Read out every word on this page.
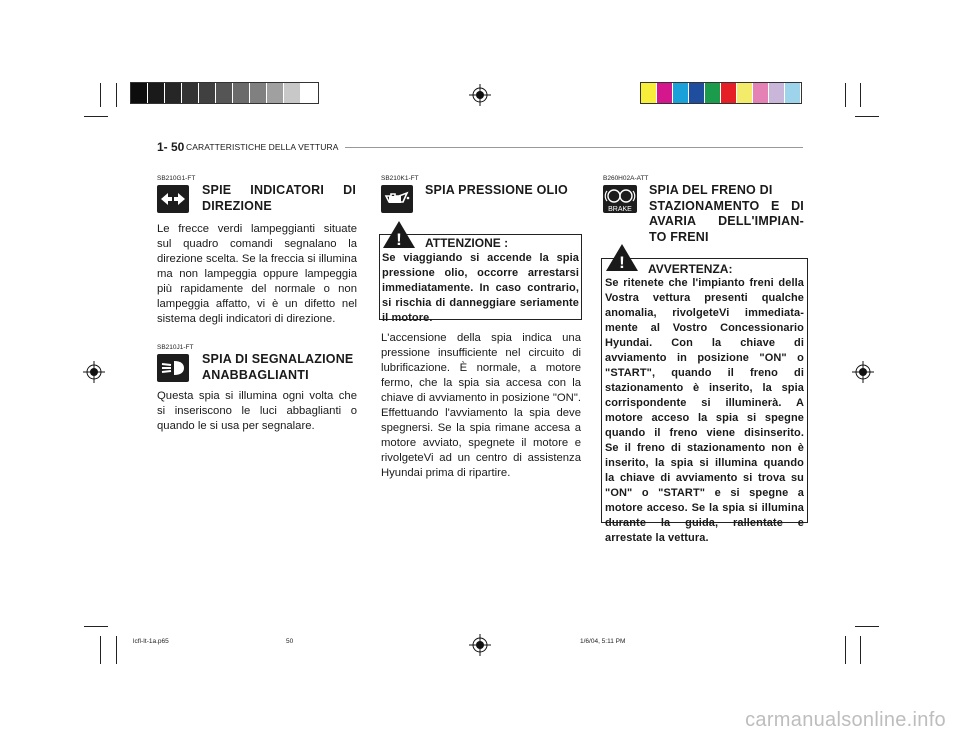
1- 50 CARATTERISTICHE DELLA VETTURA
SB210G1-FT
SPIE INDICATORI DI
DIREZIONE
Le frecce verdi lampeggianti situate
sul quadro comandi segnalano la
direzione scelta. Se la freccia si illumina
ma non lampeggia oppure lampeggia
più rapidamente del normale o non
lampeggia affatto, vi è un difetto nel
sistema degli indicatori di direzione.
SB210J1-FT
SPIA DI SEGNALAZIONE
ANABBAGLIANTI
Questa spia si illumina ogni volta che
si inseriscono le luci abbaglianti o
quando le si usa per segnalare.
SB210K1-FT
SPIA PRESSIONE OLIO
! ATTENZIONE :
Se viaggiando si accende la spia
pressione olio, occorre arrestarsi
immediatamente. In caso contrario,
si rischia di danneggiare seriamente
il motore.
L'accensione della spia indica una
pressione insufficiente nel circuito di
lubrificazione. È normale, a motore
fermo, che la spia sia accesa con la
chiave di avviamento in posizione "ON".
Effettuando l'avviamento la spia deve
spegnersi. Se la spia rimane accesa a
motore avviato, spegnete il motore e
rivolgeteVi ad un centro di assistenza
Hyundai prima di ripartire.
B260H02A-ATT
BRAKE
SPIA DEL FRENO DI
STAZIONAMENTO E DI
AVARIA DELL'IMPIAN-
TO FRENI
! AVVERTENZA:
Se ritenete che l'impianto freni della
Vostra vettura presenti qualche
anomalia, rivolgeteVi immediata-
mente al Vostro Concessionario
Hyundai. Con la chiave di
avviamento in posizione "ON" o
"START", quando il freno di
stazionamento è inserito, la spia
corrispondente si illuminerà. A
motore acceso la spia si spegne
quando il freno viene disinserito.
Se il freno di stazionamento non è
inserito, la spia si illumina quando
la chiave di avviamento si trova su
"ON" o "START" e si spegne a
motore acceso. Se la spia si illumina
durante la guida, rallentate e
arrestate la vettura.
lcfl-It-1a.p65	50	1/6/04, 5:11 PM
carmanualsonline.info
